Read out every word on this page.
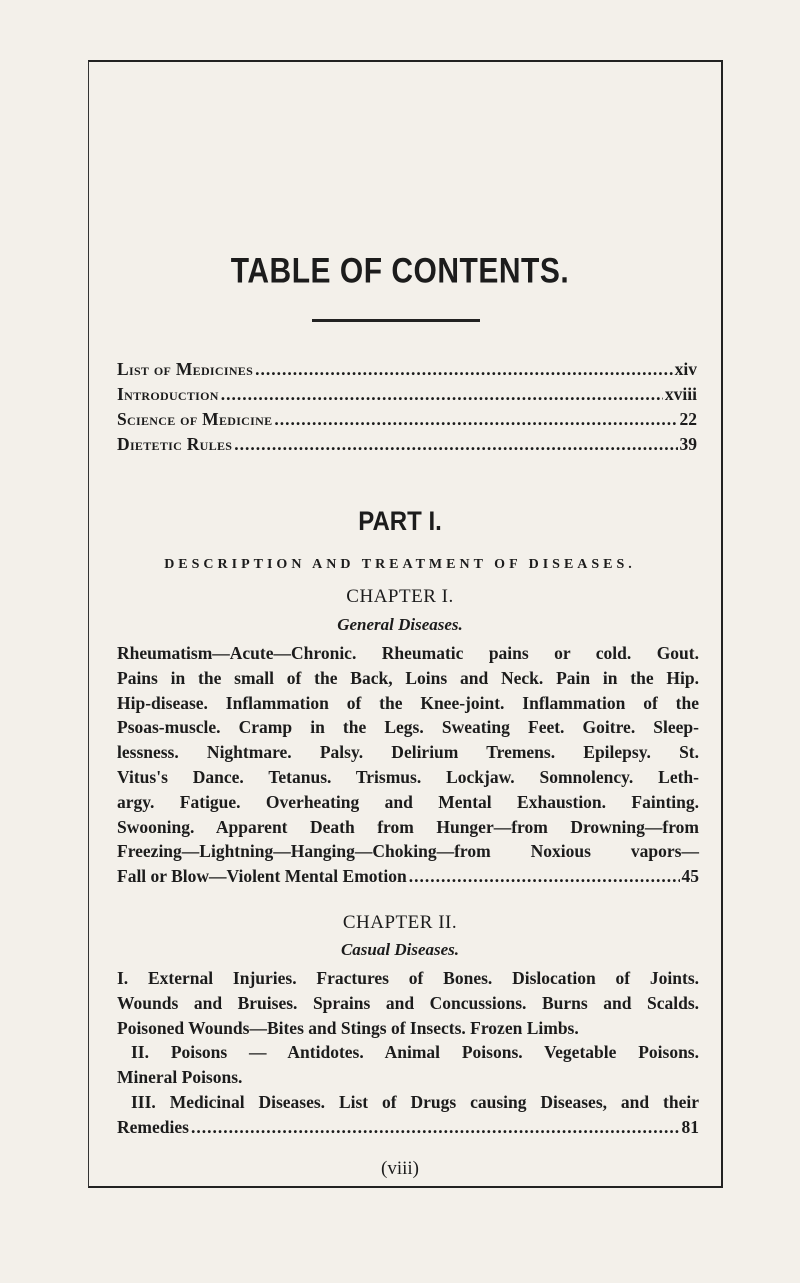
TABLE OF CONTENTS.
List of Medicines .....	xiv
Introduction .....	xviii
Science of Medicine .....	22
Dietetic Rules .....	39
PART I.
DESCRIPTION AND TREATMENT OF DISEASES.
CHAPTER I.
General Diseases.
Rheumatism—Acute—Chronic. Rheumatic pains or cold. Gout.
Pains in the small of the Back, Loins and Neck. Pain in the Hip.
Hip-disease. Inflammation of the Knee-joint. Inflammation of the
Psoas-muscle. Cramp in the Legs. Sweating Feet. Goitre. Sleep-
lessness. Nightmare. Palsy. Delirium Tremens. Epilepsy. St.
Vitus's Dance. Tetanus. Trismus. Lockjaw. Somnolency. Leth-
argy. Fatigue. Overheating and Mental Exhaustion. Fainting.
Swooning. Apparent Death from Hunger—from Drowning—from
Freezing—Lightning—Hanging—Choking—from Noxious vapors—
Fall or Blow—Violent Mental Emotion .....	45
CHAPTER II.
Casual Diseases.
I. External Injuries. Fractures of Bones. Dislocation of Joints.
Wounds and Bruises. Sprains and Concussions. Burns and Scalds.
Poisoned Wounds—Bites and Stings of Insects. Frozen Limbs.
II. Poisons — Antidotes. Animal Poisons. Vegetable Poisons.
Mineral Poisons.
III. Medicinal Diseases. List of Drugs causing Diseases, and their
Remedies .....	81
(viii)
